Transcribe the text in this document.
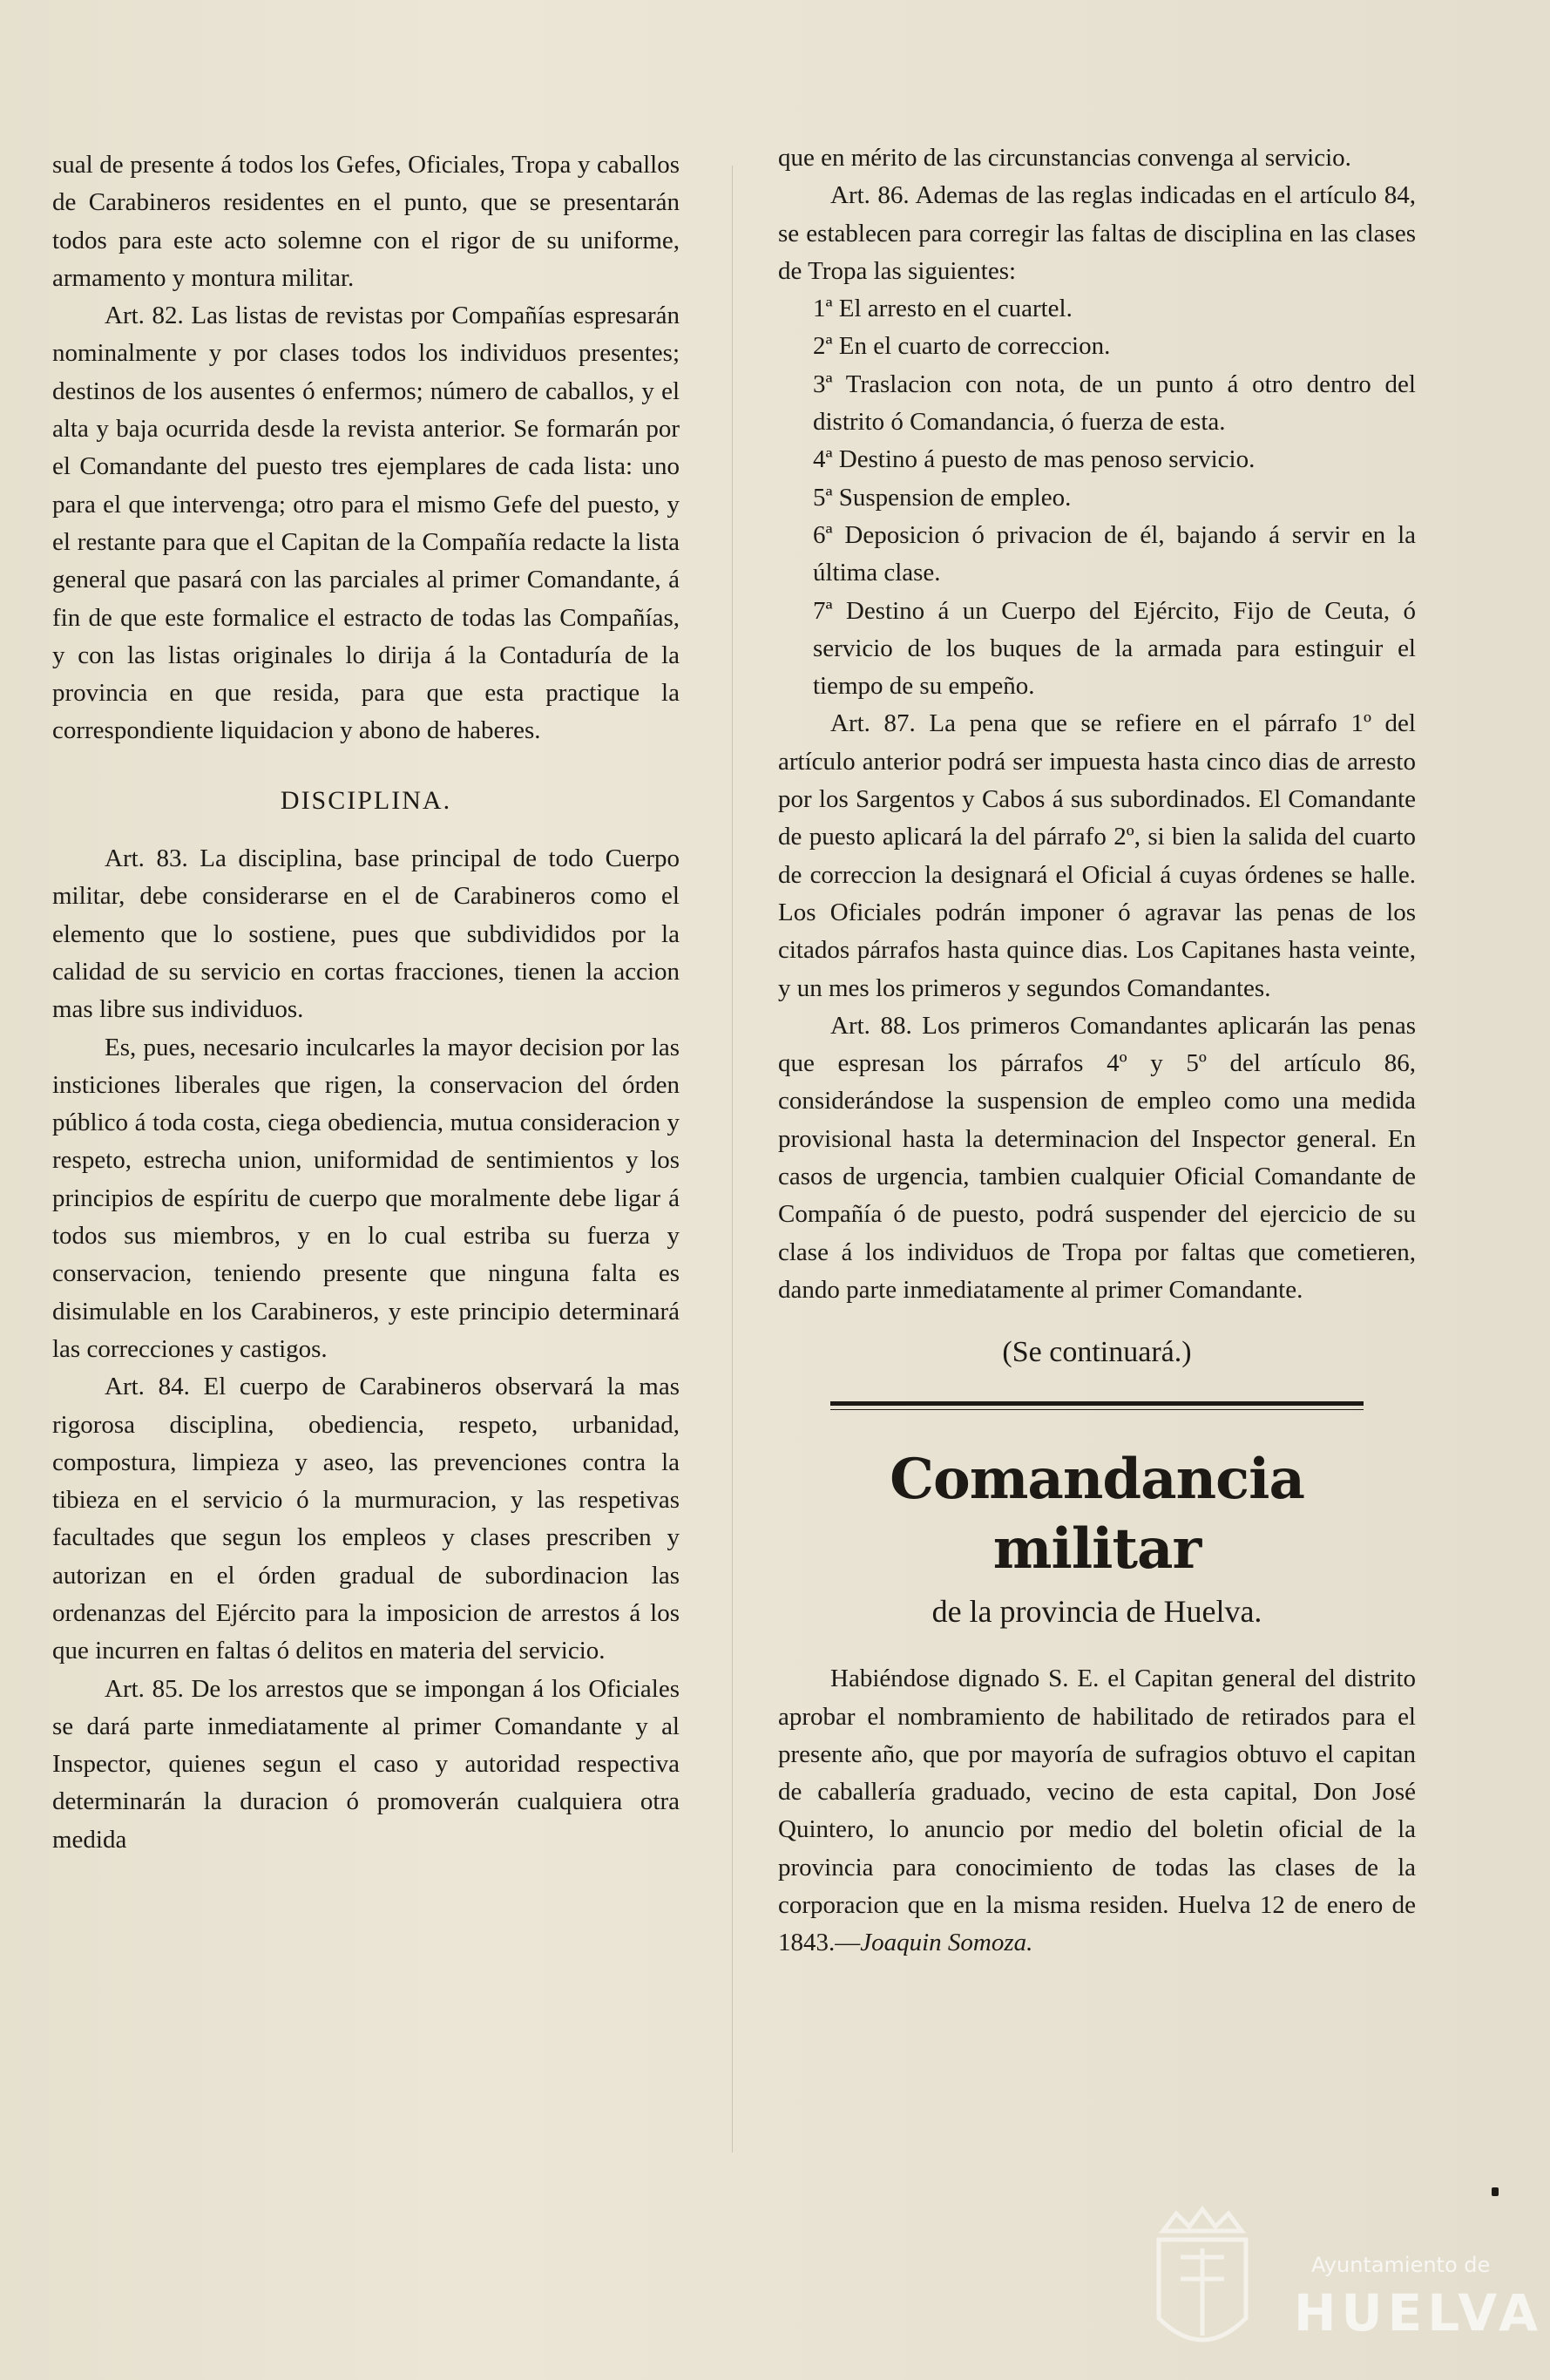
sual de presente á todos los Gefes, Oficiales, Tropa y caballos de Carabineros residentes en el punto, que se presentarán todos para este acto solemne con el rigor de su uniforme, armamento y montura militar.

Art. 82. Las listas de revistas por Compañías espresarán nominalmente y por clases todos los individuos presentes; destinos de los ausentes ó enfermos; número de caballos, y el alta y baja ocurrida desde la revista anterior. Se formarán por el Comandante del puesto tres ejemplares de cada lista: uno para el que intervenga; otro para el mismo Gefe del puesto, y el restante para que el Capitan de la Compañía redacte la lista general que pasará con las parciales al primer Comandante, á fin de que este formalice el estracto de todas las Compañías, y con las listas originales lo dirija á la Contaduría de la provincia en que resida, para que esta practique la correspondiente liquidacion y abono de haberes.

DISCIPLINA.

Art. 83. La disciplina, base principal de todo Cuerpo militar, debe considerarse en el de Carabineros como el elemento que lo sostiene, pues que subdivididos por la calidad de su servicio en cortas fracciones, tienen la accion mas libre sus individuos.

Es, pues, necesario inculcarles la mayor decision por las insticiones liberales que rigen, la conservacion del órden público á toda costa, ciega obediencia, mutua consideracion y respeto, estrecha union, uniformidad de sentimientos y los principios de espíritu de cuerpo que moralmente debe ligar á todos sus miembros, y en lo cual estriba su fuerza y conservacion, teniendo presente que ninguna falta es disimulable en los Carabineros, y este principio determinará las correcciones y castigos.

Art. 84. El cuerpo de Carabineros observará la mas rigorosa disciplina, obediencia, respeto, urbanidad, compostura, limpieza y aseo, las prevenciones contra la tibieza en el servicio ó la murmuracion, y las respetivas facultades que segun los empleos y clases prescriben y autorizan en el órden gradual de subordinacion las ordenanzas del Ejército para la imposicion de arrestos á los que incurren en faltas ó delitos en materia del servicio.

Art. 85. De los arrestos que se impongan á los Oficiales se dará parte inmediatamente al primer Comandante y al Inspector, quienes segun el caso y autoridad respectiva determinarán la duracion ó promoverán cualquiera otra medida

que en mérito de las circunstancias convenga al servicio.

Art. 86. Ademas de las reglas indicadas en el artículo 84, se establecen para corregir las faltas de disciplina en las clases de Tropa las siguientes:

1ª El arresto en el cuartel.

2ª En el cuarto de correccion.

3ª Traslacion con nota, de un punto á otro dentro del distrito ó Comandancia, ó fuerza de esta.

4ª Destino á puesto de mas penoso servicio.

5ª Suspension de empleo.

6ª Deposicion ó privacion de él, bajando á servir en la última clase.

7ª Destino á un Cuerpo del Ejército, Fijo de Ceuta, ó servicio de los buques de la armada para estinguir el tiempo de su empeño.

Art. 87. La pena que se refiere en el párrafo 1º del artículo anterior podrá ser impuesta hasta cinco dias de arresto por los Sargentos y Cabos á sus subordinados. El Comandante de puesto aplicará la del párrafo 2º, si bien la salida del cuarto de correccion la designará el Oficial á cuyas órdenes se halle. Los Oficiales podrán imponer ó agravar las penas de los citados párrafos hasta quince dias. Los Capitanes hasta veinte, y un mes los primeros y segundos Comandantes.

Art. 88. Los primeros Comandantes aplicarán las penas que espresan los párrafos 4º y 5º del artículo 86, considerándose la suspension de empleo como una medida provisional hasta la determinacion del Inspector general. En casos de urgencia, tambien cualquier Oficial Comandante de Compañía ó de puesto, podrá suspender del ejercicio de su clase á los individuos de Tropa por faltas que cometieren, dando parte inmediatamente al primer Comandante.

(Se continuará.)
Comandancia militar
de la provincia de Huelva.

Habiéndose dignado S. E. el Capitan general del distrito aprobar el nombramiento de habilitado de retirados para el presente año, que por mayoría de sufragios obtuvo el capitan de caballería graduado, vecino de esta capital, Don José Quintero, lo anuncio por medio del boletin oficial de la provincia para conocimiento de todas las clases de la corporacion que en la misma residen. Huelva 12 de enero de 1843.—Joaquin Somoza.

Ayuntamiento de
HUELVA
